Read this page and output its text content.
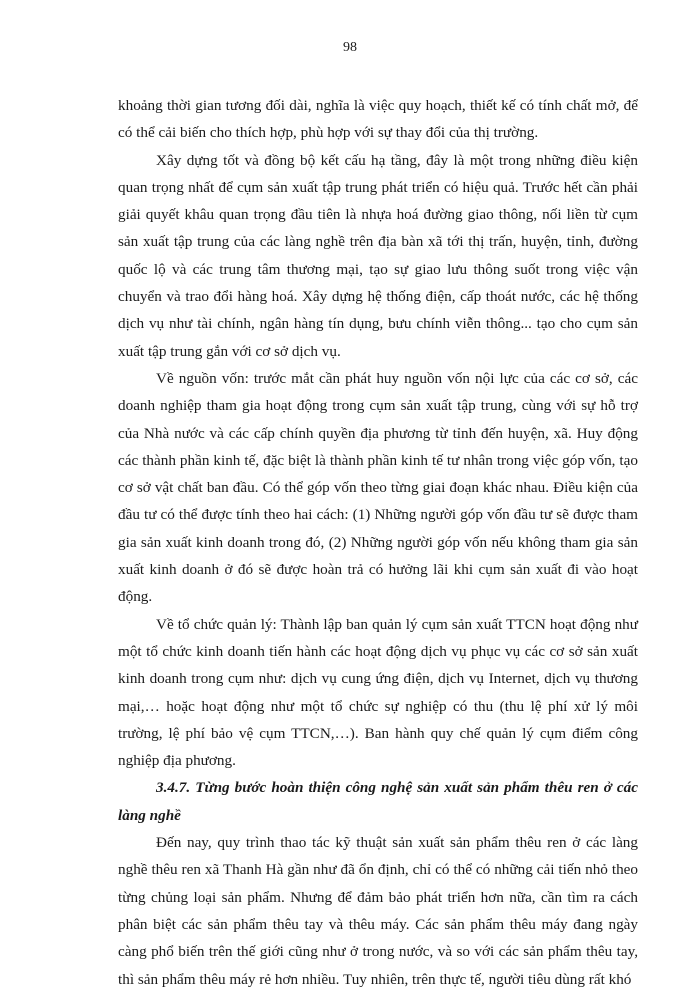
98

khoảng thời gian tương đối dài, nghĩa là việc quy hoạch, thiết kế có tính chất mở, để có thể cải biến cho thích hợp, phù hợp với sự thay đổi của thị trường.

Xây dựng tốt và đồng bộ kết cấu hạ tầng, đây là một trong những điều kiện quan trọng nhất để cụm sản xuất tập trung phát triển có hiệu quả. Trước hết cần phải giải quyết khâu quan trọng đầu tiên là nhựa hoá đường giao thông, nối liền từ cụm sản xuất tập trung của các làng nghề trên địa bàn xã tới thị trấn, huyện, tỉnh, đường quốc lộ và các trung tâm thương mại, tạo sự giao lưu thông suốt trong việc vận chuyển và trao đổi hàng hoá. Xây dựng hệ thống điện, cấp thoát nước, các hệ thống dịch vụ như tài chính, ngân hàng tín dụng, bưu chính viễn thông... tạo cho cụm sản xuất tập trung gắn với cơ sở dịch vụ.

Về nguồn vốn: trước mắt cần phát huy nguồn vốn nội lực của các cơ sở, các doanh nghiệp tham gia hoạt động trong cụm sản xuất tập trung, cùng với sự hỗ trợ của Nhà nước và các cấp chính quyền địa phương từ tỉnh đến huyện, xã. Huy động các thành phần kinh tế, đặc biệt là thành phần kinh tế tư nhân trong việc góp vốn, tạo cơ sở vật chất ban đầu. Có thể góp vốn theo từng giai đoạn khác nhau. Điều kiện của đầu tư có thể được tính theo hai cách: (1) Những người góp vốn đầu tư sẽ được tham gia sản xuất kinh doanh trong đó, (2) Những người góp vốn nếu không tham gia sản xuất kinh doanh ở đó sẽ được hoàn trả có hưởng lãi khi cụm sản xuất đi vào hoạt động.

Về tổ chức quản lý: Thành lập ban quản lý cụm sản xuất TTCN hoạt động như một tổ chức kinh doanh tiến hành các hoạt động dịch vụ phục vụ các cơ sở sản xuất kinh doanh trong cụm như: dịch vụ cung ứng điện, dịch vụ Internet, dịch vụ thương mại,… hoặc hoạt động như một tổ chức sự nghiệp có thu (thu lệ phí xử lý môi trường, lệ phí bảo vệ cụm TTCN,…). Ban hành quy chế quản lý cụm điểm công nghiệp địa phương.

3.4.7. Từng bước hoàn thiện công nghệ sản xuất sản phẩm thêu ren ở các làng nghề

Đến nay, quy trình thao tác kỹ thuật sản xuất sản phẩm thêu ren ở các làng nghề thêu ren xã Thanh Hà gần như đã ổn định, chỉ có thể có những cải tiến nhỏ theo từng chủng loại sản phẩm. Nhưng để đảm bảo phát triển hơn nữa, cần tìm ra cách phân biệt các sản phẩm thêu tay và thêu máy. Các sản phẩm thêu máy đang ngày càng phổ biến trên thế giới cũng như ở trong nước, và so với các sản phẩm thêu tay, thì sản phẩm thêu máy rẻ hơn nhiều. Tuy nhiên, trên thực tế, người tiêu dùng rất khó
